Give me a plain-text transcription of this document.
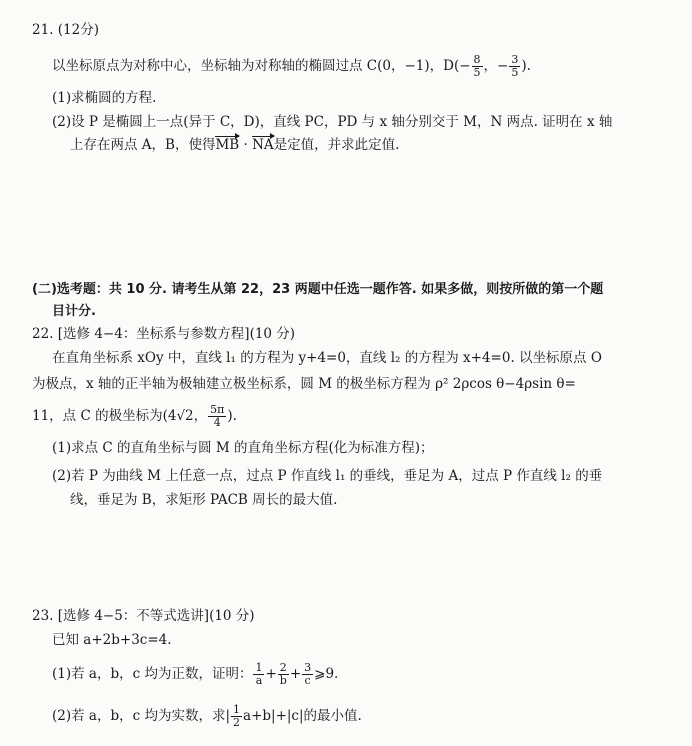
21. (12分)
以坐标原点为对称中心，坐标轴为对称轴的椭圆过点 C(0，−1)，$D(- \frac{8}{5}$ ，− $\frac{3}{5}$ ).
(1)求椭圆的方程.
(2)设 P 是椭圆上一点(异于 C，D)，直线 PC，PD 与 x 轴分别交于 M，N 两点. 证明在 x 轴
上存在两点 A，B，使得MB · NA是定值，并求此定值.
(二)选考题：共 10 分. 请考生从第 22，23 两题中任选一题作答. 如果多做，则按所做的第一个题
目计分.
22. [选修 4−4：坐标系与参数方程](10 分)
在直角坐标系 xOy 中，直线 l₁ 的方程为 y+4=0，直线 l₂ 的方程为 x+4=0. 以坐标原点 O
为极点，x 轴的正半轴为极轴建立极坐标系，圆 M 的极坐标方程为 ρ² 2ρcos θ−4ρsin θ=
11，点 C 的极坐标为(4√2， $\frac{5\pi}{4}$ ).
(1)求点 C 的直角坐标与圆 M 的直角坐标方程(化为标准方程)；
(2)若 P 为曲线 M 上任意一点，过点 P 作直线 l₁ 的垂线，垂足为 A，过点 P 作直线 l₂ 的垂
线，垂足为 B，求矩形 PACB 周长的最大值.
23. [选修 4−5：不等式选讲](10 分)
已知 a+2b+3c=4.
(1)若 a，b，c 均为正数，证明： $\frac{1}{a} + \frac{2}{b} + \frac{3}{c}$ ⩾9.
(2)若 a，b，c 均为实数，求| $\frac{1}{2} a+b|+|c|$的最小值.
